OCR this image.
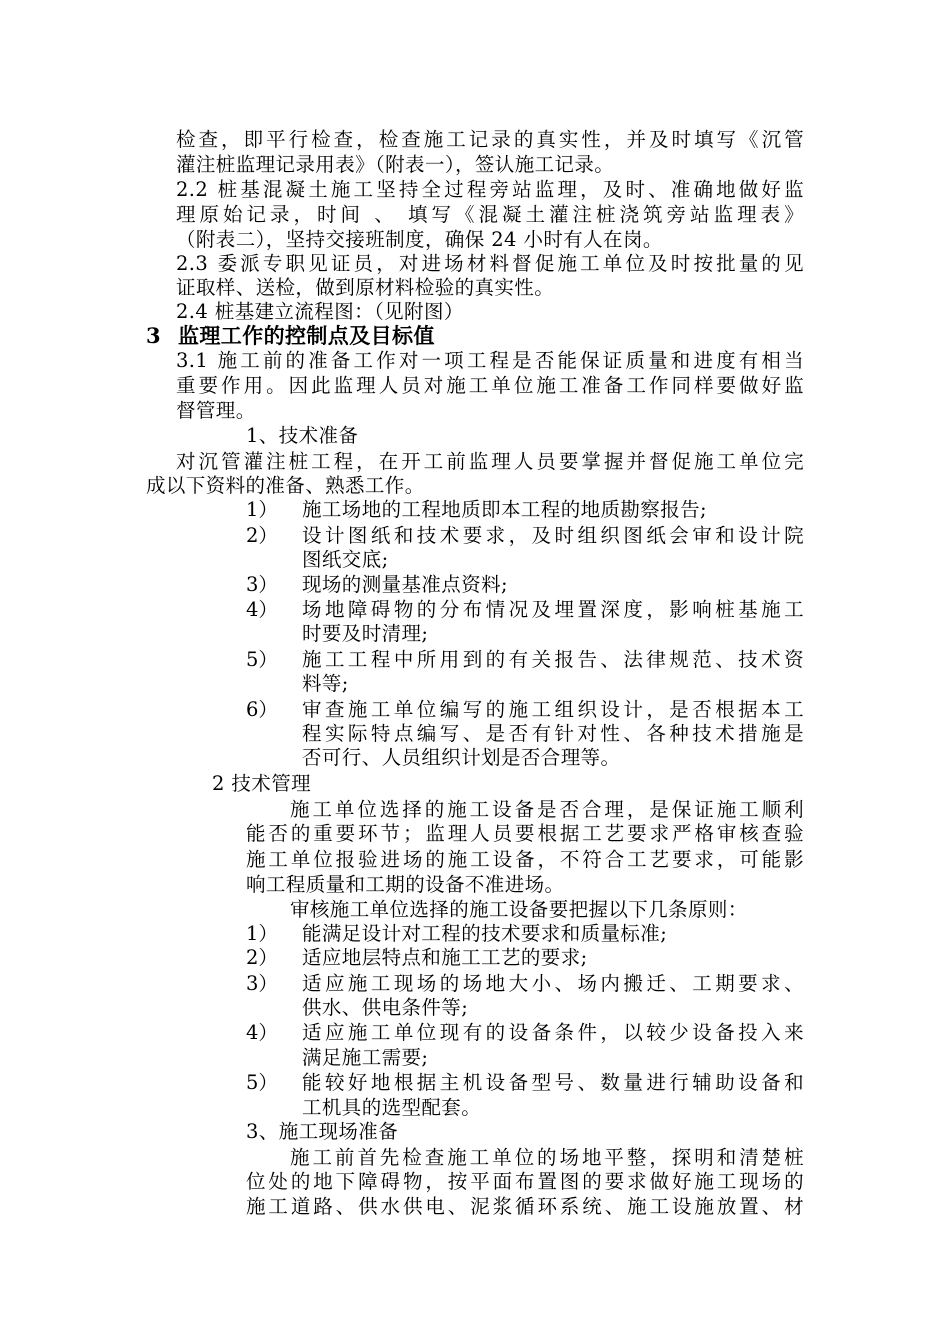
检查，即平行检查，检查施工记录的真实性，并及时填写《沉管
灌注桩监理记录用表》（附表一），签认施工记录。
2.2 桩基混凝土施工坚持全过程旁站监理，及时、准确地做好监
理原始记录，时间 、 填写《混凝土灌注桩浇筑旁站监理表》
（附表二），坚持交接班制度，确保 24 小时有人在岗。
2.3 委派专职见证员，对进场材料督促施工单位及时按批量的见
证取样、送检，做到原材料检验的真实性。
2.4 桩基建立流程图：（见附图）
3 监理工作的控制点及目标值
3.1 施工前的准备工作对一项工程是否能保证质量和进度有相当
重要作用。因此监理人员对施工单位施工准备工作同样要做好监
督管理。
1、技术准备
对沉管灌注桩工程，在开工前监理人员要掌握并督促施工单位完
成以下资料的准备、熟悉工作。
1） 施工场地的工程地质即本工程的地质勘察报告;
2） 设计图纸和技术要求，及时组织图纸会审和设计院
图纸交底;
3） 现场的测量基准点资料;
4） 场地障碍物的分布情况及埋置深度，影响桩基施工
时要及时清理;
5） 施工工程中所用到的有关报告、法律规范、技术资
料等;
6） 审查施工单位编写的施工组织设计，是否根据本工
程实际特点编写、是否有针对性、各种技术措施是
否可行、人员组织计划是否合理等。
2 技术管理
施工单位选择的施工设备是否合理，是保证施工顺利
能否的重要环节；监理人员要根据工艺要求严格审核查验
施工单位报验进场的施工设备，不符合工艺要求，可能影
响工程质量和工期的设备不准进场。
审核施工单位选择的施工设备要把握以下几条原则：
1） 能满足设计对工程的技术要求和质量标准;
2） 适应地层特点和施工工艺的要求;
3） 适应施工现场的场地大小、场内搬迁、工期要求、
供水、供电条件等;
4） 适应施工单位现有的设备条件，以较少设备投入来
满足施工需要;
5） 能较好地根据主机设备型号、数量进行辅助设备和
工机具的选型配套。
3、施工现场准备
施工前首先检查施工单位的场地平整，探明和清楚桩
位处的地下障碍物，按平面布置图的要求做好施工现场的
施工道路、供水供电、泥浆循环系统、施工设施放置、材
